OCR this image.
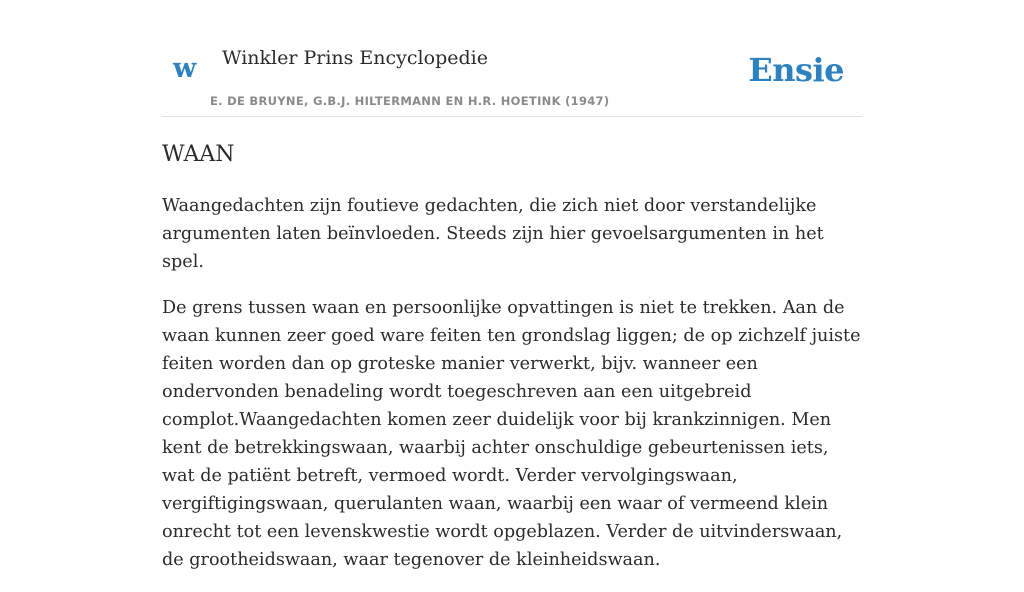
w Winkler Prins Encyclopedie
E. DE BRUYNE, G.B.J. HILTERMANN EN H.R. HOETINK (1947)
Ensie
WAAN

Waangedachten zijn foutieve gedachten, die zich niet door verstandelijke argumenten laten beïnvloeden. Steeds zijn hier gevoelsargumenten in het spel.

De grens tussen waan en persoonlijke opvattingen is niet te trekken. Aan de waan kunnen zeer goed ware feiten ten grondslag liggen; de op zichzelf juiste feiten worden dan op groteske manier verwerkt, bijv. wanneer een ondervonden benadeling wordt toegeschreven aan een uitgebreid complot.Waangedachten komen zeer duidelijk voor bij krankzinnigen. Men kent de betrekkingswaan, waarbij achter onschuldige gebeurtenissen iets, wat de patiënt betreft, vermoed wordt. Verder vervolgingswaan, vergiftigingswaan, querulanten waan, waarbij een waar of vermeend klein onrecht tot een levenskwestie wordt opgeblazen. Verder de uitvinderswaan, de grootheidswaan, waar tegenover de kleinheidswaan.
